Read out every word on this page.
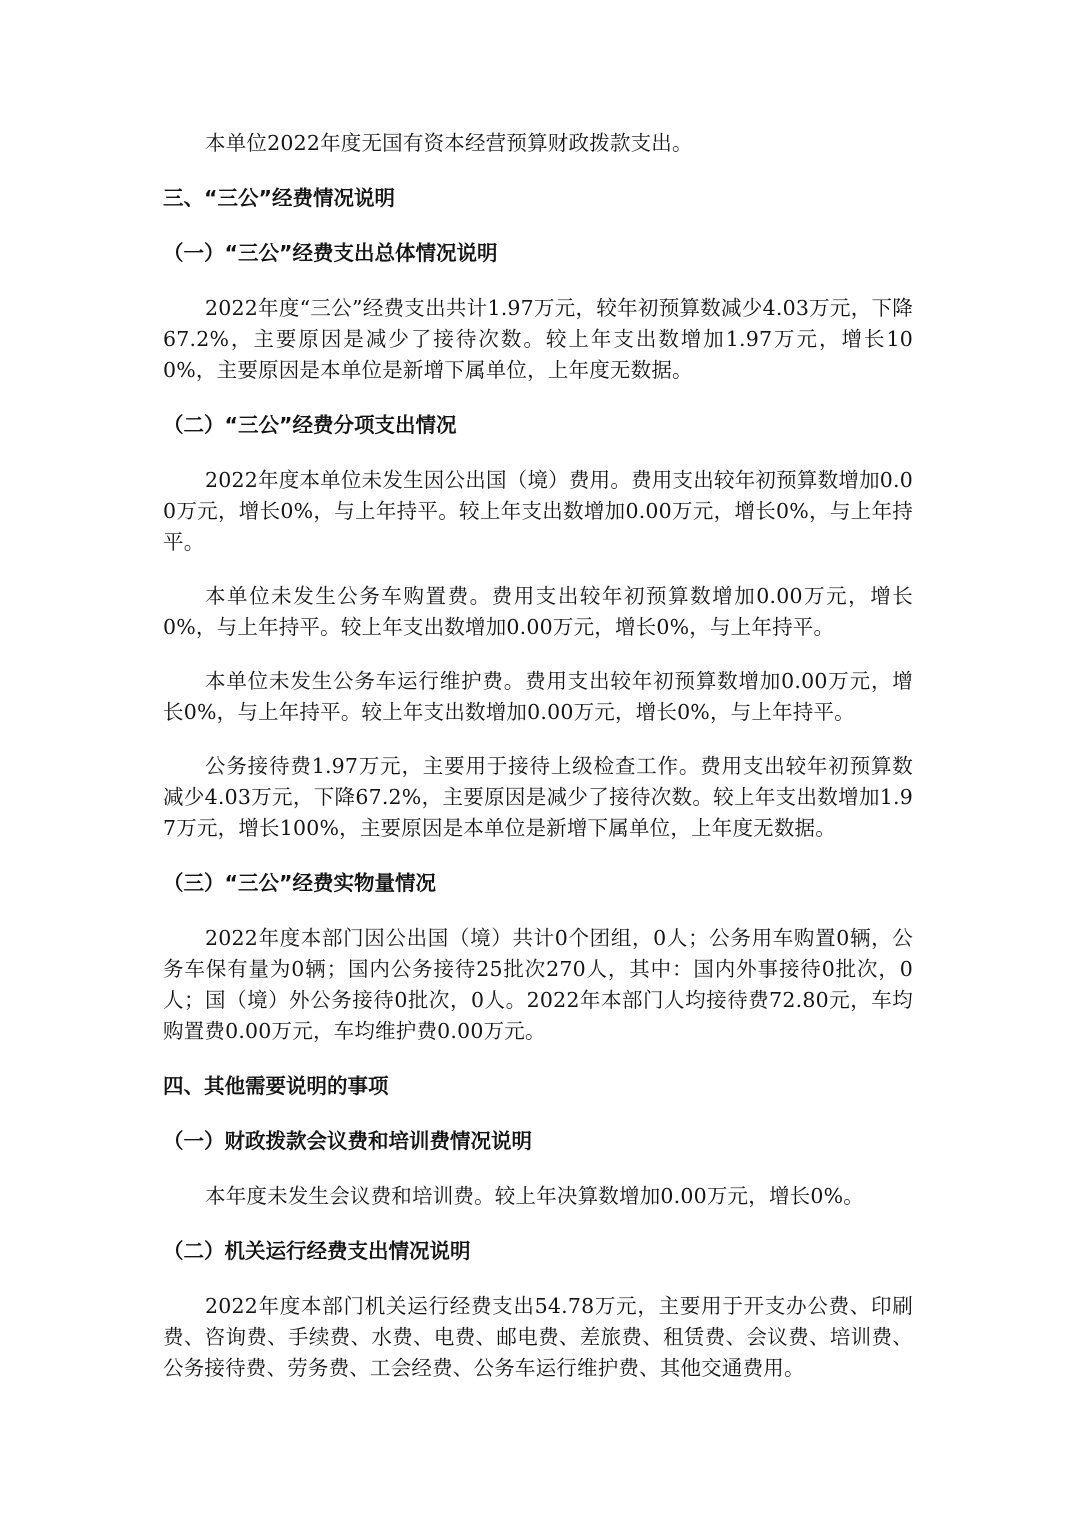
本单位2022年度无国有资本经营预算财政拨款支出。

三、“三公”经费情况说明

（一）“三公”经费支出总体情况说明

2022年度“三公”经费支出共计1.97万元，较年初预算数减少4.03万元，下降67.2%，主要原因是减少了接待次数。较上年支出数增加1.97万元，增长100%，主要原因是本单位是新增下属单位，上年度无数据。

（二）“三公”经费分项支出情况

2022年度本单位未发生因公出国（境）费用。费用支出较年初预算数增加0.00万元，增长0%，与上年持平。较上年支出数增加0.00万元，增长0%，与上年持平。

本单位未发生公务车购置费。费用支出较年初预算数增加0.00万元，增长0%，与上年持平。较上年支出数增加0.00万元，增长0%，与上年持平。

本单位未发生公务车运行维护费。费用支出较年初预算数增加0.00万元，增长0%，与上年持平。较上年支出数增加0.00万元，增长0%，与上年持平。

公务接待费1.97万元，主要用于接待上级检查工作。费用支出较年初预算数减少4.03万元，下降67.2%，主要原因是减少了接待次数。较上年支出数增加1.97万元，增长100%，主要原因是本单位是新增下属单位，上年度无数据。

（三）“三公”经费实物量情况

2022年度本部门因公出国（境）共计0个团组，0人；公务用车购置0辆，公务车保有量为0辆；国内公务接待25批次270人，其中：国内外事接待0批次，0人；国（境）外公务接待0批次，0人。2022年本部门人均接待费72.80元，车均购置费0.00万元，车均维护费0.00万元。

四、其他需要说明的事项

（一）财政拨款会议费和培训费情况说明

本年度未发生会议费和培训费。较上年决算数增加0.00万元，增长0%。

（二）机关运行经费支出情况说明

2022年度本部门机关运行经费支出54.78万元，主要用于开支办公费、印刷费、咨询费、手续费、水费、电费、邮电费、差旅费、租赁费、会议费、培训费、公务接待费、劳务费、工会经费、公务车运行维护费、其他交通费用。
